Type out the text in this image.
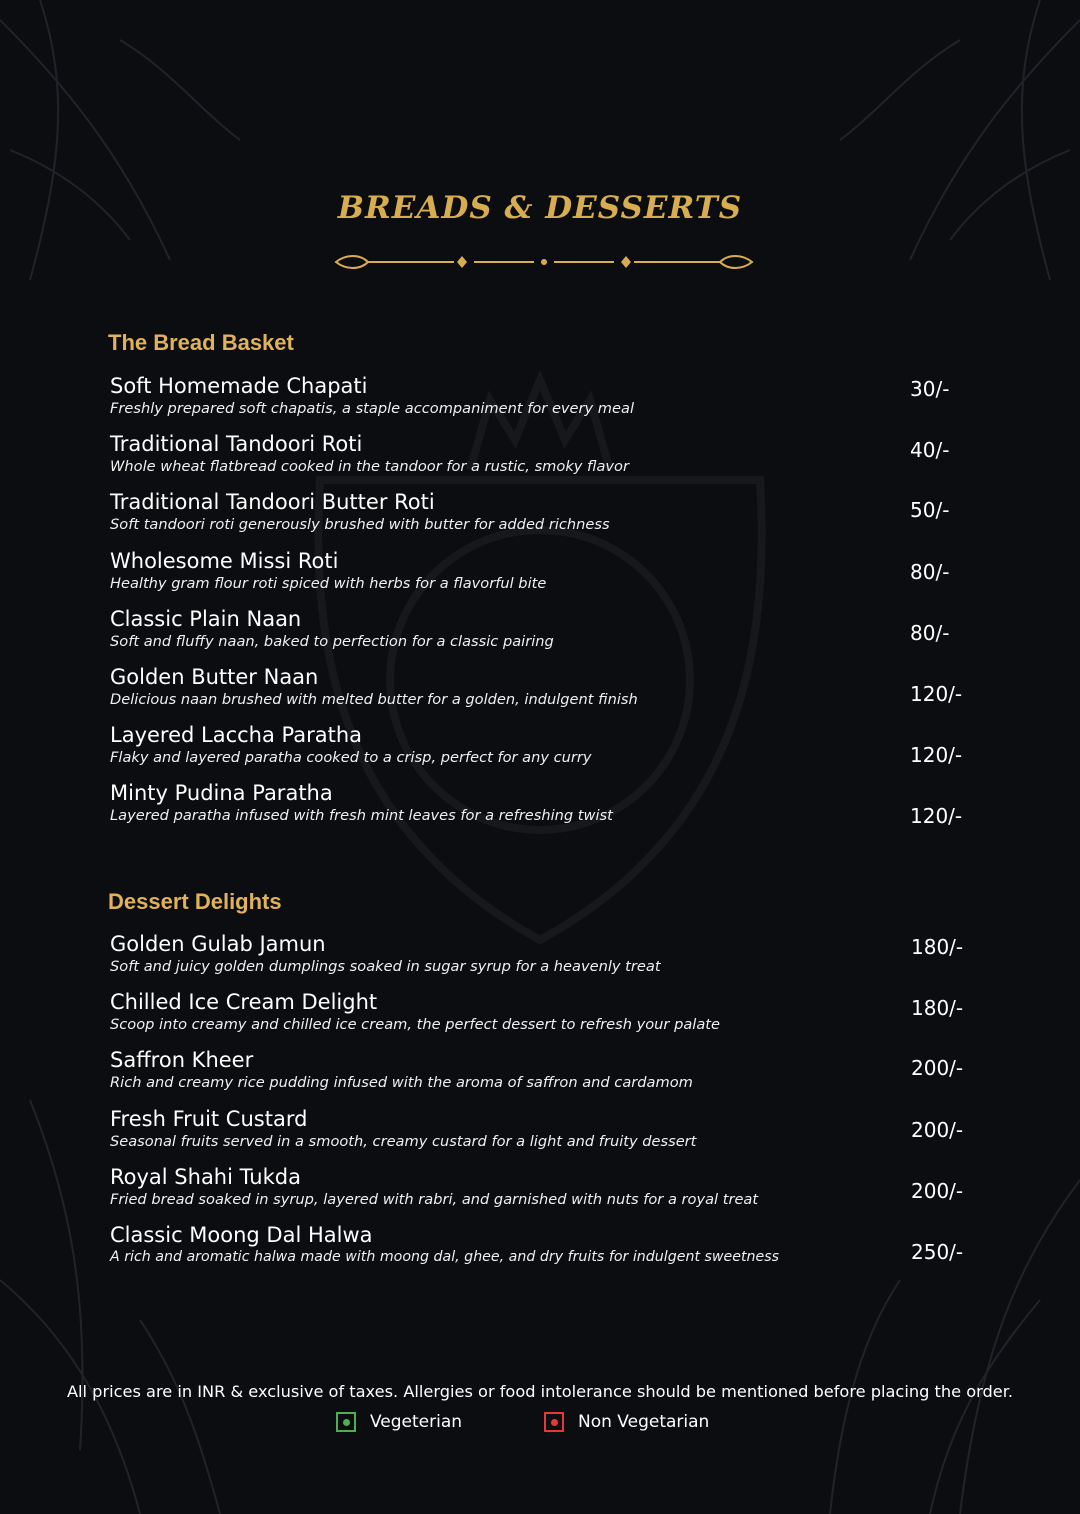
BREADS & DESSERTS
The Bread Basket
Soft Homemade Chapati
Freshly prepared soft chapatis, a staple accompaniment for every meal
30/-
Traditional Tandoori Roti
Whole wheat flatbread cooked in the tandoor for a rustic, smoky flavor
40/-
Traditional Tandoori Butter Roti
Soft tandoori roti generously brushed with butter for added richness
50/-
Wholesome Missi Roti
Healthy gram flour roti spiced with herbs for a flavorful bite	80/-
Classic Plain Naan
Soft and fluffy naan, baked to perfection for a classic pairing	80/-
Golden Butter Naan
Delicious naan brushed with melted butter for a golden, indulgent finish	120/-
Layered Laccha Paratha
Flaky and layered paratha cooked to a crisp, perfect for any curry	120/-
Minty Pudina Paratha
Layered paratha infused with fresh mint leaves for a refreshing twist	120/-
Dessert Delights
Golden Gulab Jamun
Soft and juicy golden dumplings soaked in sugar syrup for a heavenly treat
180/-
Chilled Ice Cream Delight
Scoop into creamy and chilled ice cream, the perfect dessert to refresh your palate
180/-
Saffron Kheer
Rich and creamy rice pudding infused with the aroma of saffron and cardamom
200/-
Fresh Fruit Custard
Seasonal fruits served in a smooth, creamy custard for a light and fruity dessert	200/-
Royal Shahi Tukda
Fried bread soaked in syrup, layered with rabri, and garnished with nuts for a royal treat	200/-
Classic Moong Dal Halwa
A rich and aromatic halwa made with moong dal, ghee, and dry fruits for indulgent sweetness	250/-
All prices are in INR & exclusive of taxes. Allergies or food intolerance should be mentioned before placing the order.
Vegeterian	Non Vegetarian
